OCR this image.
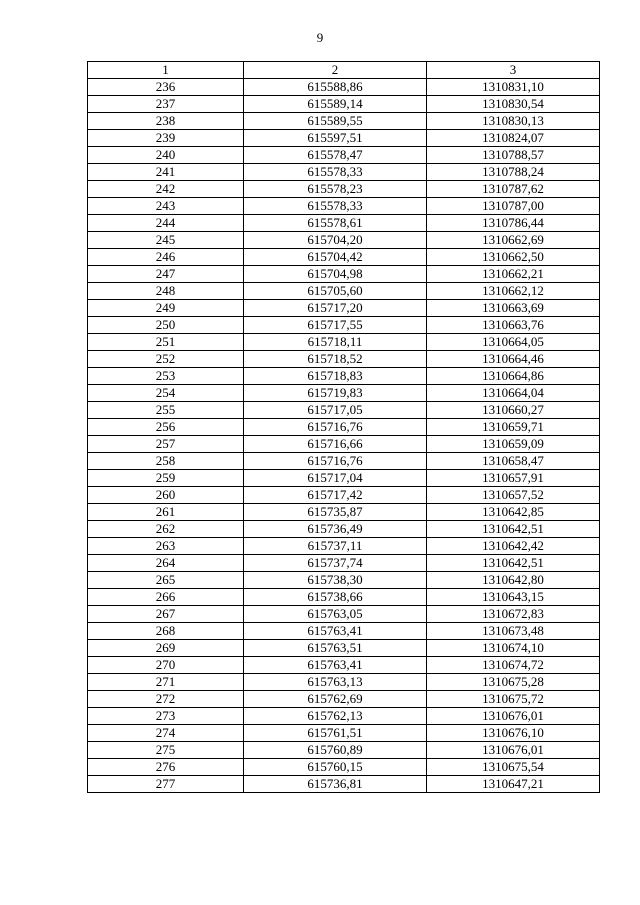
9
1	2	3
236	615588,86	1310831,10
237	615589,14	1310830,54
238	615589,55	1310830,13
239	615597,51	1310824,07
240	615578,47	1310788,57
241	615578,33	1310788,24
242	615578,23	1310787,62
243	615578,33	1310787,00
244	615578,61	1310786,44
245	615704,20	1310662,69
246	615704,42	1310662,50
247	615704,98	1310662,21
248	615705,60	1310662,12
249	615717,20	1310663,69
250	615717,55	1310663,76
251	615718,11	1310664,05
252	615718,52	1310664,46
253	615718,83	1310664,86
254	615719,83	1310664,04
255	615717,05	1310660,27
256	615716,76	1310659,71
257	615716,66	1310659,09
258	615716,76	1310658,47
259	615717,04	1310657,91
260	615717,42	1310657,52
261	615735,87	1310642,85
262	615736,49	1310642,51
263	615737,11	1310642,42
264	615737,74	1310642,51
265	615738,30	1310642,80
266	615738,66	1310643,15
267	615763,05	1310672,83
268	615763,41	1310673,48
269	615763,51	1310674,10
270	615763,41	1310674,72
271	615763,13	1310675,28
272	615762,69	1310675,72
273	615762,13	1310676,01
274	615761,51	1310676,10
275	615760,89	1310676,01
276	615760,15	1310675,54
277	615736,81	1310647,21
